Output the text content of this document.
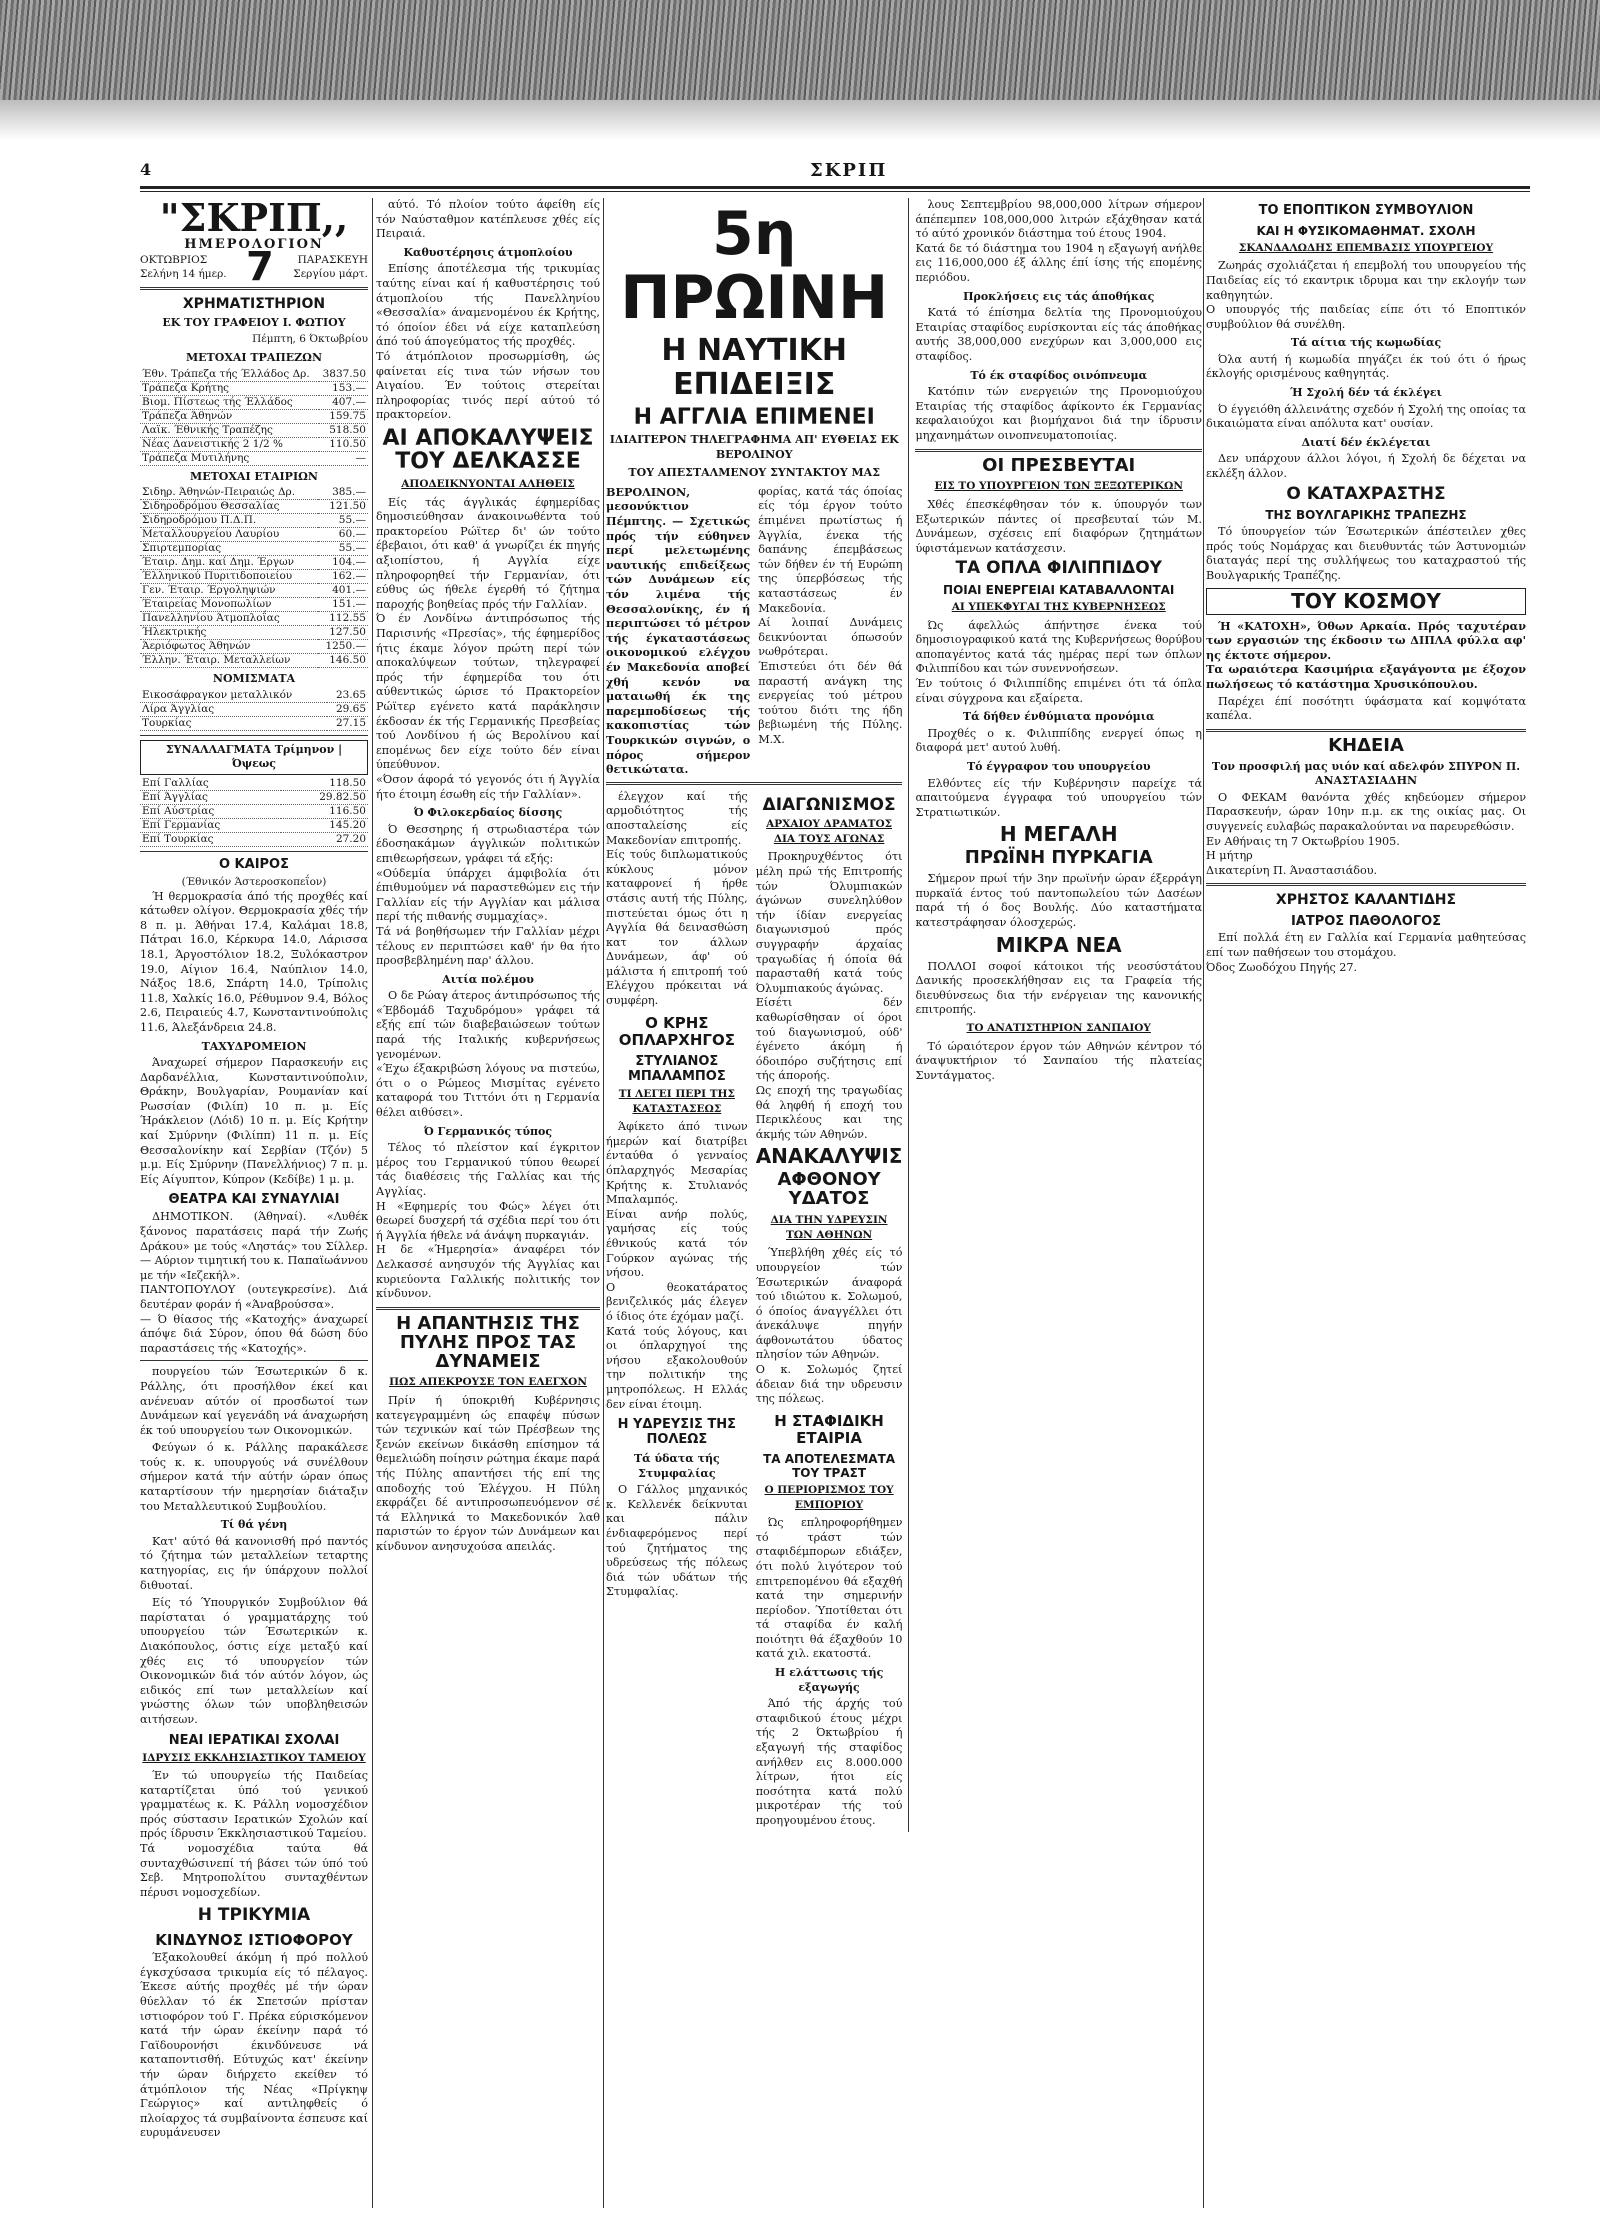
4	ΣΚΡΙΠ
"ΣΚΡΙΠ,,
ΗΜΕΡΟΛΟΓΙΟΝ
ΟΚΤΩΒΡΙΟΣ
Σελήνη 14 ήμερ. 7	ΠΑΡΑΣΚΕΥΗ
Σεργίου μάρτ.
ΧΡΗΜΑΤΙΣΤΗΡΙΟΝ
ΕΚ ΤΟΥ ΓΡΑΦΕΙΟΥ Ι. ΦΩΤΙΟΥ
Πέμπτη, 6 Όκτωβρίου
ΜΕΤΟΧΑΙ ΤΡΑΠΕΖΩΝ
Έθν. Τράπεζα τής Έλλάδος Δρ.	3837.50
Τράπεζα Κρήτης	153.—
Βιομ. Πίστεως τής Έλλάδος	407.—
Τράπεζα Άθηνών	159.75
Λαϊκ. Έθνικής Τραπέζης	518.50
Νέας Δανειστικής 2 1/2 %	110.50
Τράπεζα Μυτιλήνης	—
ΜΕΤΟΧΑΙ ΕΤΑΙΡΙΩΝ
Σιδηρ. Άθηνών-Πειραιώς Δρ.	385.—
Σιδηροδρόμου Θεσσαλίας	121.50
Σιδηροδρόμου Π.Δ.Π.	55.—
Μεταλλουργείου Λαυρίου	60.—
Σπιρτεμπορίας	55.—
Έταιρ. Δημ. καί Δημ. Έργων	104.—
Έλληνικού Πυριτιδοποιείου	162.—
Γεν. Έταιρ. Έργοληψιών	401.—
Έταιρείας Μονοπωλίων	151.—
Πανελληνίου Άτμοπλοΐας	112.55
Ήλεκτρικής	127.50
Άεριόφωτος Άθηνών	1250.—
Έλλην. Έταιρ. Μεταλλείων	146.50
ΝΟΜΙΣΜΑΤΑ
Εικοσάφραγκον μεταλλικόν	23.65
Λίρα Άγγλίας	29.65
Τουρκίας	27.15
ΣΥΝΑΛΛΑΓΜΑΤΑ Τρίμηνον | Όψεως
Επί Γαλλίας	118.50
Επί Άγγλίας	29.82.50
Επί Αύστρίας	116.50
Επί Γερμανίας	145.20
Επί Τουρκίας	27.20
Ο ΚΑΙΡΟΣ
(Έθνικόν Άστεροσκοπεΐον)

Ή θερμοκρασία άπό τής προχθές καί κάτωθεν ολίγον. Θερμοκρασία χθές τήν 8 π. μ. Άθήναι 17.4, Καλάμαι 18.8, Πάτραι 16.0, Κέρκυρα 14.0, Λάρισσα 18.1, Άργοστόλιον 18.2, Ξυλόκαστρον 19.0, Αίγιον 16.4, Ναύπλιον 14.0, Νάξος 18.6, Σπάρτη 14.0, Τρίπολις 11.8, Χαλκίς 16.0, Ρέθυμνον 9.4, Βόλος 2.6, Πειραιεύς 4.7, Κωνσταντινούπολις 11.6, Άλεξάνδρεια 24.8.

ΤΑΧΥΔΡΟΜΕΙΟΝ

Άναχωρεί σήμερον Παρασκευήν εις Δαρδανέλλια, Κωνσταντινούπολιν, Θράκην, Βουλγαρίαν, Ρουμανίαν καί Ρωσσίαν (Φιλίπ) 10 π. μ. Είς Ήράκλειον (Λόιδ) 10 π. μ. Είς Κρήτην καί Σμύρνην (Φιλίππ) 11 π. μ. Είς Θεσσαλονίκην καί Σερβίαν (Τζόν) 5 μ.μ. Είς Σμύρνην (Πανελλήνιος) 7 π. μ. Είς Αίγυπτον, Κύπρον (Κεδίβε) 1 μ. μ.

ΘΕΑΤΡΑ ΚΑΙ ΣΥΝΑΥΛΙΑΙ

ΔΗΜΟΤΙΚΟΝ. (Άθηναί). «Λυθέκ ξάνονος παρατάσεις παρά τήν Ζωής Δράκου» με τούς «Ληστάς» του Σίλλερ. — Αύριον τιμητική του κ. Παπαϊωάννου με τήν «Ιεζεκήλ».
ΠΑΝΤΟΠΟΥΛΟΥ (ουτεγκρεσίνε). Διά δευτέραν φοράν ή «Άναβρούσσα».
— Ό θίασος τής «Κατοχής» άναχωρεί άπόψε διά Σύρον, όπου θά δώση δύο παραστάσεις τής «Κατοχής».

πουργείου τών Έσωτερικών δ κ. Ράλλης, ότι προσήλθον έκεί και ανένευαν αύτόν οί προσδωτοί των Δυνάμεων καί γεγενάδη νά άναχωρήση έκ τού υπουργείου των Οικονομικών.

Φεύγων ό κ. Ράλλης παρακάλεσε τούς κ. κ. υπουργούς νά συνέλθουν σήμερον κατά τήν αύτήν ώραν όπως καταρτίσουν τήν ημερησίαν διάταξιν του Μεταλλευτικού Συμβουλίου.

Τί θά γένη

Κατ' αύτό θά κανονισθή πρό παντός τό ζήτημα τών μεταλλείων τεταρτης κατηγορίας, εις ήν ύπάρχουν πολλοί διθυοταί.

Είς τό Ύπουργικόν Συμβούλιον θά παρίσταται ό γραμματάρχης τού υπουργείου τών Έσωτερικών κ. Διακόπουλος, όστις είχε μεταξύ καί χθές εις τό υπουργείον τών Οικονομικών διά τόν αύτόν λόγον, ώς ειδικός επί των μεταλλείων καί γνώστης όλων τών υποβληθεισών αιτήσεων.

ΝΕΑΙ ΙΕΡΑΤΙΚΑΙ ΣΧΟΛΑΙ
ΙΔΡΥΣΙΣ ΕΚΚΛΗΣΙΑΣΤΙΚΟΥ ΤΑΜΕΙΟΥ

Έν τώ υπουργείω τής Παιδείας καταρτίζεται ύπό τού γενικού γραμματέως κ. Κ. Ράλλη νομοσχέδιον πρός σύστασιν Ιερατικών Σχολών καί πρός ίδρυσιν Έκκλησιαστικού Ταμείου.
Τά νομοσχέδια ταύτα θά συνταχθώσινεπί τή βάσει τών ύπό τού Σεβ. Μητροπολίτου συνταχθέντων πέρυσι νομοσχεδίων.

Η ΤΡΙΚΥΜΙΑ
ΚΙΝΔΥΝΟΣ ΙΣΤΙΟΦΟΡΟΥ

Έξακολουθεί άκόμη ή πρό πολλού έγκσχύσασα τρικυμία είς τό πέλαγος. Έκεσε αύτής προχθές μέ τήν ώραν θύελλαν τό έκ Σπετσών πρίσταν ιστιοφόρον τού Γ. Πρέκα εύρισκόμενον κατά τήν ώραν έκείνην παρά τό Γαϊδουρονήσι έκινδύνευσε νά καταποντισθή. Εύτυχώς κατ' έκείνην τήν ώραν διήρχετο εκείθεν τό άτμόπλοιον τής Νέας «Πρίγκηψ Γεώργιος» καί αντιληφθείς ό πλοίαρχος τά συμβαίνοντα έσπευσε καί ευρυμάνευσεν

αύτό. Τό πλοίον τούτο άφείθη είς τόν Ναύσταθμον κατέπλευσε χθές είς Πειραιά.

Καθυστέρησις άτμοπλοίου

Επίσης άποτέλεσμα τής τρικυμίας ταύτης είναι καί ή καθυστέρησις τού άτμοπλοίου τής Πανελληνίου «Θεσσαλία» άναμενομένου έκ Κρήτης, τό όποίον έδει νά είχε καταπλεύση άπό τού άπογεύματος τής προχθές.
Τό άτμόπλοιον προσωρμίσθη, ώς φαίνεται είς τινα τών νήσων του Αιγαίου. Έν τούτοις στερείται πληροφορίας τινός περί αύτού τό πρακτορείον.

ΑΙ ΑΠΟΚΑΛΥΨΕΙΣ ΤΟΥ ΔΕΛΚΑΣΣΕ
ΑΠΟΔΕΙΚΝΥΟΝΤΑΙ ΑΛΗΘΕΙΣ

Είς τάς άγγλικάς έφημερίδας δημοσιεύθησαν άνακοινωθέντα τού πρακτορείου Ρώϊτερ δι' ών τούτο έβεβαιοι, ότι καθ' ά γνωρίζει έκ πηγής αξιοπίστου, ή Αγγλία είχε πληροφορηθεί τήν Γερμανίαν, ότι εύθυς ώς ήθελε έγερθή τό ζήτημα παροχής βοηθείας πρός τήν Γαλλίαν.
Ό έν Λονδίνω άντιπρόσωπος τής Παρισινής «Πρεσίας», τής έφημερίδος ήτις έκαμε λόγον πρώτη περί τών αποκαλύψεων τούτων, τηλεγραφεί πρός τήν έφημερίδα του ότι αύθεντικώς ώρισε τό Πρακτορείον Ρώϊτερ εγένετο κατά παράκλησιν έκδοσαν έκ τής Γερμανικής Πρεσβείας τού Λονδίνου ή ώς Βερολίνου καί επομένως δεν είχε τούτο δέν είναι ύπεύθυνον.
«Όσον άφορά τό γεγονός ότι ή Άγγλία ήτο έτοιμη έσωθη είς τήν Γαλλίαν».

Ό Φιλοκερδαίος δίσσης

Ό Θεσσηρης ή στρωδιαστέρα τών έδοσηακάμων άγγλικών πολιτικών επιθεωρήσεων, γράφει τά εξής:
«Ούδεμία ύπάρχει άμφιβολία ότι έπιθυμούμεν νά παραστεθώμεν εις τήν Γαλλίαν είς τήν Αγγλίαν και μάλισα περί τής πιθανής συμμαχίας».
Τά νά βοηθήσωμεν τήν Γαλλίαν μέχρι τέλους εν περιπτώσει καθ' ήν θα ήτο προσβεβλημένη παρ' άλλου.

Αιτία πολέμου

Ο δε Ρώαγ άτερος άντιπρόσωπος τής «Έβδομάδ Ταχυδρόμου» γράφει τά εξής επί τών διαβεβαιώσεων τούτων παρά τής Ιταλικής κυβερνήσεως γενομένων.
«Έχω έξακριβώση λόγους να πιστεύω, ότι ο ο Ρώμεος Μισμίτας εγένετο καταφορά του Τιττόνι ότι η Γερμανία θέλει αιθύσει».

Ό Γερμανικός τύπος

Τέλος τό πλείστον καί έγκριτον μέρος του Γερμανικού τύπου θεωρεί τάς διαθέσεις τής Γαλλίας και τής Αγγλίας.
Η «Εφημερίς του Φώς» λέγει ότι θεωρεί δυσχερή τά σχέδια περί του ότι ή Άγγλία ήθελε νά άνάψη πυρκαγιάν.
Η δε «Ήμερησία» άναφέρει τόν Δελκασσέ ανησυχόν τής Άγγλίας και κυριεύοντα Γαλλικής πολιτικής τον κίνδυνον.

Η ΑΠΑΝΤΗΣΙΣ ΤΗΣ ΠΥΛΗΣ ΠΡΟΣ ΤΑΣ ΔΥΝΑΜΕΙΣ
ΠΩΣ ΑΠΕΚΡΟΥΣΕ ΤΟΝ ΕΛΕΓΧΟΝ

Πρίν ή ύποκριθή Κυβέρνησις κατεγεγραμμένη ώς επαφέψ πύσων τών τεχνικών καί τών Πρέσβεων της ξενών εκείνων δικάσθη επίσημον τά θεμελιώδη ποίησιν ρώτημα έκαμε παρά τής Πύλης απαντήσει τής επί της αποδοχής τού Έλέγχου. Η Πύλη εκφράζει δέ αντιπροσωπευόμενον σέ τά Ελληνικά το Μακεδονικόν λαθ παριστών το έργον τών Δυνάμεων και κίνδυνον ανησυχούσα απειλάς.

5η ΠΡΩΙΝΗ
Η ΝΑΥΤΙΚΗ ΕΠΙΔΕΙΞΙΣ
Η ΑΓΓΛΙΑ ΕΠΙΜΕΝΕΙ
ΙΔΙΑΙΤΕΡΟΝ ΤΗΛΕΓΡΑΦΗΜΑ ΑΠ' ΕΥΘΕΙΑΣ ΕΚ ΒΕΡΟΛΙΝΟΥ
ΤΟΥ ΑΠΕΣΤΑΛΜΕΝΟΥ ΣΥΝΤΑΚΤΟΥ ΜΑΣ
ΒΕΡΟΛΙΝΟΝ, μεσονύκτιον Πέμπτης. — Σχετικώς πρός τήν εύθηνεν περί μελετωμένης ναυτικής επιδείξεως τών Δυνάμεων είς τόν λιμένα τής Θεσσαλονίκης, έν ή περιπτώσει τό μέτρον τής έγκαταστάσεως οικονομικού ελέγχου έν Μακεδονία αποβεί χθή κενόν να ματαιωθή έκ της παρεμποδίσεως τής κακοπιστίας τών Τουρκικών σιγνών, ο πόρος σήμερον θετικώτατα.
φορίας, κατά τάς όποίας είς τόμ έργον τούτο έπιμένει πρωτίστως ή Άγγλία, ένεκα τής δαπάνης έπεμβάσεως τών δήθεν έν τή Ευρώπη της ύπερβόσεως τής καταστάσεως έν Μακεδονία.
Αί λοιπαί Δυνάμεις δεικνύονται όπωσούν νωθρότεραι.
Έπιστεύει ότι δέν θά παραστή ανάγκη της ενεργείας τού μέτρου τούτου διότι της ήδη βεβιωμένη τής Πύλης. Μ.Χ.

έλεγχον καί τής αρμοδιότητος τής αποσταλείσης είς Μακεδονίαν επιτροπής.
Είς τούς διπλωματικούς κύκλους μόνον καταφρονεί ή ήρθε στάσις αυτή τής Πύλης, πιστεύεται όμως ότι η Αγγλία θά δεινασθώση κατ τον άλλων Δυνάμεων, άφ' ού μάλιστα ή επιτροπή τού Ελέγχου πρόκειται νά συμφέρη.

Ο ΚΡΗΣ ΟΠΛΑΡΧΗΓΟΣ
ΣΤΥΛΙΑΝΟΣ ΜΠΑΛΑΜΠΟΣ
ΤΙ ΛΕΓΕΙ ΠΕΡΙ ΤΗΣ ΚΑΤΑΣΤΑΣΕΩΣ

Άφίκετο άπό τινων ήμερών καί διατρίβει ένταύθα ό γενναίος όπλαρχηγός Μεσαρίας Κρήτης κ. Στυλιανός Μπαλαμπός.
Είναι ανήρ πολύς, γαμήσας είς τούς έθνικούς κατά τόν Γούρκον αγώνας τής νήσου.
Ο θεοκατάρατος βενιζελικός μάς έλεγεν ό ίδιος ότε έχόμαν μαζί.
Κατά τούς λόγους, και οι όπλαρχηγοί της νήσου εξακολουθούν την πολιτικήν της μητροπόλεως. Η Ελλάς δεν είναι έτοιμη.

Η ΥΔΡΕΥΣΙΣ ΤΗΣ ΠΟΛΕΩΣ
Τά ύδατα τής Στυμφαλίας

Ο Γάλλος μηχανικός κ. Κελλενέκ δείκνυται και πάλιν ένδιαφερόμενος περί τού ζητήματος της υδρεύσεως τής πόλεως διά τών υδάτων τής Στυμφαλίας.

ΔΙΑΓΩΝΙΣΜΟΣ
ΑΡΧΑΙΟΥ ΔΡΑΜΑΤΟΣ ΔΙΑ ΤΟΥΣ ΑΓΩΝΑΣ

Προκηρυχθέντος ότι μέλη πρώ τής Επιτροπής τών Όλυμπιακών άγώνων συνεληλύθον τήν ίδίαν ενεργείας διαγωνισμού πρός συγγραφήν άρχαίας τραγωδίας ή όποία θά παρασταθή κατά τούς Όλυμπιακούς άγώνας.
Είσέτι δέν καθωρίσθησαν οί όροι τού διαγωνισμού, ούδ' έγένετο άκόμη ή όδοιπόρο συζήτησις επί τής άποροής.
Ως εποχή της τραγωδίας θά ληφθή ή εποχή του Περικλέους και της άκμής τών Αθηνών.

ΑΝΑΚΑΛΥΨΙΣ
ΑΦΘΟΝΟΥ ΥΔΑΤΟΣ
ΔΙΑ ΤΗΝ ΥΔΡΕΥΣΙΝ ΤΩΝ ΑΘΗΝΩΝ

Ύπεβλήθη χθές είς τό υπουργείον τών Έσωτερικών άναφορά τού ιδιώτου κ. Σολωμού, ό όποίος άναγγέλλει ότι άνεκάλυψε πηγήν άφθονωτάτου ύδατος πλησίον τών Αθηνών.
Ο κ. Σολωμός ζητεί άδειαν διά την υδρευσιν της πόλεως.

Η ΣΤΑΦΙΔΙΚΗ ΕΤΑΙΡΙΑ
ΤΑ ΑΠΟΤΕΛΕΣΜΑΤΑ ΤΟΥ ΤΡΑΣΤ
Ο ΠΕΡΙΟΡΙΣΜΟΣ ΤΟΥ ΕΜΠΟΡΙΟΥ

Ώς επληροφορήθημεν τό τράστ τών σταφιδέμπορων εδιάξεν, ότι πολύ λιγότερον τού επιτρεπομένου θά εξαχθή κατά την σημερινήν περίοδον. Ύποτίθεται ότι τά σταφίδα έν καλή ποιότητι θά έξαχθούν 10 κατά χιλ. εκατοστά.

Η ελάττωσις τής εξαγωγής

Άπό τής άρχής τού σταφιδικού έτους μέχρι τής 2 Όκτωβρίου ή εξαγωγή τής σταφίδος ανήλθεν εις 8.000.000 λίτρων, ήτοι είς ποσότητα κατά πολύ μικροτέραν τής τού προηγουμένου έτους.

λους Σεπτεμβρίου 98,000,000 λίτρων σήμερον άπέπεμπεν 108,000,000 λιτρών εξάχθησαν κατά τό αύτό χρονικόν διάστημα τού έτους 1904.
Κατά δε τό διάστημα του 1904 η εξαγωγή ανήλθε εις 116,000,000 έξ άλλης έπί ίσης τής επομένης περιόδου.

Προκλήσεις εις τάς άποθήκας

Κατά τό έπίσημα δελτία της Προνομιούχου Εταιρίας σταφίδος ευρίσκονται είς τάς άποθήκας αυτής 38,000,000 ενεχύρων και 3,000,000 εις σταφίδος.

Τό έκ σταφίδος οινόπνευμα

Κατόπιν τών ενεργειών της Προνομιούχου Εταιρίας τής σταφίδος άφίκοντο έκ Γερμανίας κεφαλαιούχοι και βιομήχανοι διά την ίδρυσιν μηχανημάτων οινοπνευματοποιίας.

ΟΙ ΠΡΕΣΒΕΥΤΑΙ
ΕΙΣ ΤΟ ΥΠΟΥΡΓΕΙΟΝ ΤΩΝ ΞΕΞΩΤΕΡΙΚΩΝ

Χθές έπεσκέφθησαν τόν κ. ύπουργόν των Εξωτερικών πάντες οί πρεσβευταί τών Μ. Δυνάμεων, σχέσεις επί διαφόρων ζητημάτων ύφιστάμενων κατάσχεσιν.

ΤΑ ΟΠΛΑ ΦΙΛΙΠΠΙΔΟΥ
ΠΟΙΑΙ ΕΝΕΡΓΕΙΑΙ ΚΑΤΑΒΑΛΛΟΝΤΑΙ
ΑΙ ΥΠΕΚΦΥΓΑΙ ΤΗΣ ΚΥΒΕΡΝΗΣΕΩΣ

Ώς άφελλώς άπήντησε ένεκα τού δημοσιογραφικού κατά της Κυβερνήσεως θορύβου αποπαγέντος κατά τάς ημέρας περί των όπλων Φιλιππίδου και τών συνεννοήσεων.
Έν τούτοις ό Φιλιππίδης επιμένει ότι τά όπλα είναι σύγχρονα και εξαίρετα.

Τά δήθεν ένθύμιατα προνόμια

Προχθές ο κ. Φιλιππίδης ενεργεί όπως η διαφορά μετ' αυτού λυθή.

Τό έγγραφον του υπουργείου

Ελθόντες είς τήν Κυβέρνησιν παρείχε τά απαιτούμενα έγγραφα τού υπουργείου τών Στρατιωτικών.

Η ΜΕΓΑΛΗ
ΠΡΩΪΝΗ ΠΥΡΚΑΓΙΑ

Σήμερον πρωί τήν 3ην πρωϊνήν ώραν έξερράγη πυρκαϊά έντος τού παντοπωλείου τών Δασέων παρά τή ό δος Βουλής. Δύο καταστήματα κατεστράφησαν όλοσχερώς.

ΜΙΚΡΑ ΝΕΑ

ΠΟΛΛΟΙ σοφοί κάτοικοι τής νεοσύστάτου Δανικής προσεκλήθησαν εις τα Γραφεία τής διευθύνσεως δια τήν ενέργειαν της κανονικής επιτροπής.

ΤΟ ΑΝΑΤΙΣΤΗΡΙΟΝ ΣΑΝΠΑΙΟΥ

Τό ώραιότερον έργον τών Αθηνών κέντρον τό άναψυκτήριον τό Σανπαίου τής πλατείας Συντάγματος.

ΤΟ ΕΠΟΠΤΙΚΟΝ ΣΥΜΒΟΥΛΙΟΝ
ΚΑΙ Η ΦΥΣΙΚΟΜΑΘΗΜΑΤ. ΣΧΟΛΗ
ΣΚΑΝΔΑΛΩΔΗΣ ΕΠΕΜΒΑΣΙΣ ΥΠΟΥΡΓΕΙΟΥ

Ζωηράς σχολιάζεται ή επεμβολή του υπουργείου τής Παιδείας είς τό εκαντρικ ιδρυμα και την εκλογήν των καθηγητών.
Ο υπουργός τής παιδείας είπε ότι τό Εποπτικόν συμβούλιον θά συνέλθη.

Τά αίτια τής κωμωδίας

Όλα αυτή ή κωμωδία πηγάζει έκ τού ότι ό ήρως έκλογής ορισμένους καθηγητάς.

Ή Σχολή δέν τά έκλέγει

Ό έγγειόθη άλλεινάτης σχεδόν ή Σχολή της οποίας τα δικαιώματα είναι απόλυτα κατ' ουσίαν.

Διατί δέν έκλέγεται

Δεν υπάρχουν άλλοι λόγοι, ή Σχολή δε δέχεται να εκλέξη άλλον.

Ο ΚΑΤΑΧΡΑΣΤΗΣ
ΤΗΣ ΒΟΥΛΓΑΡΙΚΗΣ ΤΡΑΠΕΖΗΣ

Τό ύπουργείον τών Έσωτερικών άπέστειλεν χθες πρός τούς Νομάρχας και διευθυντάς τών Άστυνομιών διαταγάς περί της συλλήψεως του καταχραστού τής Βουλγαρικής Τραπέζης.

ΤΟΥ ΚΟΣΜΟΥ

Ή «ΚΑΤΟΧΗ», Όθων Αρκαία. Πρός ταχυτέραν των εργασιών της έκδοσιν τω ΔΙΠΛΑ φύλλα αφ' ης έκτοτε σήμερον.
Τα ωραιότερα Κασιμήρια εξαγάγοντα με έξοχον πωλήσεως τό κατάστημα Χρυσικόπουλου.

Παρέχει έπί ποσότητι ύφάσματα καί κομψότατα καπέλα.

ΚΗΔΕΙΑ
Τον προσφιλή μας υιόν καί αδελφόν ΣΠΥΡΟΝ Π. ΑΝΑΣΤΑΣΙΑΔΗΝ

Ο ΦΕΚΑΜ θανόντα χθές κηδεύομεν σήμερον Παρασκευήν, ώραν 10ην π.μ. εκ της οικίας μας. Οι συγγενείς ευλαβώς παρακαλούνται να παρευρεθώσιν.
Εν Αθήναις τη 7 Οκτωβρίου 1905.
Η μήτηρ
Δικατερίνη Π. Άναστασιάδου.

ΧΡΗΣΤΟΣ ΚΑΛΑΝΤΙΔΗΣ
ΙΑΤΡΟΣ ΠΑΘΟΛΟΓΟΣ

Επί πολλά έτη εν Γαλλία καί Γερμανία μαθητεύσας επί των παθήσεων του στομάχου.
Όδος Ζωοδόχου Πηγής 27.
